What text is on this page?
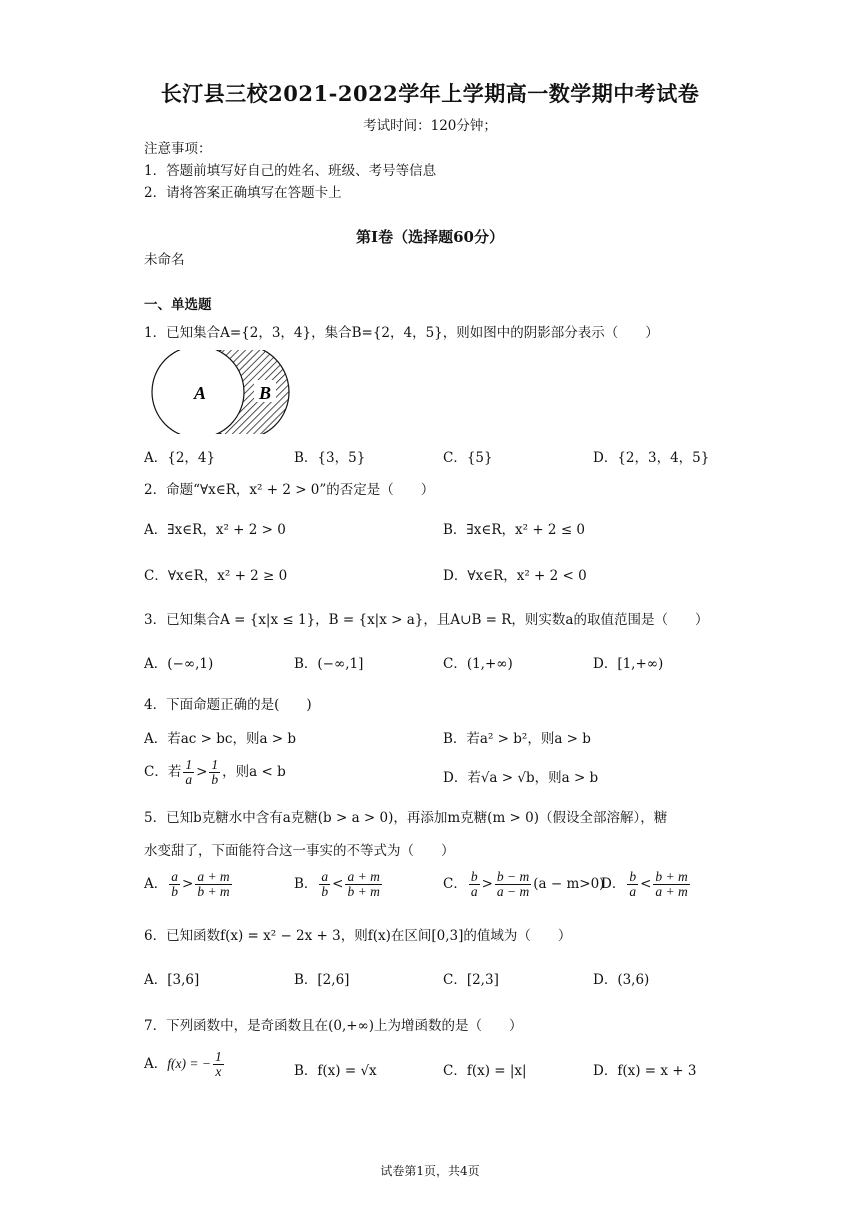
长汀县三校2021-2022学年上学期高一数学期中考试卷
考试时间：120分钟；
注意事项：
1．答题前填写好自己的姓名、班级、考号等信息
2．请将答案正确填写在答题卡上
第I卷（选择题60分）
未命名
一、单选题
1．已知集合A={2，3，4}，集合B={2，4，5}，则如图中的阴影部分表示（　　）
A	B
A．{2，4}	B．{3，5}	C．{5}	D．{2，3，4，5}
2．命题“∀x∈R，x² + 2 > 0”的否定是（　　）
A．∃x∈R，x² + 2 > 0	B．∃x∈R，x² + 2 ≤ 0
C．∀x∈R，x² + 2 ≥ 0	D．∀x∈R，x² + 2 < 0
3．已知集合A = {x|x ≤ 1}，B = {x|x > a}，且A∪B = R，则实数a的取值范围是（　　）
A．(−∞,1)	B．(−∞,1]	C．(1,+∞)	D．[1,+∞)
4．下面命题正确的是(　　)
A．若ac > bc，则a > b	B．若a² > b²，则a > b
C．若 $\frac{1}{a} > \frac{1}{b}$ ，则a < b	D．若√a > √b，则a > b
5．已知b克糖水中含有a克糖(b > a > 0)，再添加m克糖(m > 0)（假设全部溶解），糖
水变甜了，下面能符合这一事实的不等式为（　　）
A． $\frac{a}{b} > \frac{a + m}{b + m}$	B． $\frac{a}{b} < \frac{a + m}{b + m}$	C． $\frac{b}{a} > \frac{b - m}{a - m} (a - m>0)$
D． $\frac{b}{a} < \frac{b + m}{a + m}$
6．已知函数f(x) = x² − 2x + 3，则f(x)在区间[0,3]的值域为（　　）
A．[3,6]	B．[2,6]	C．[2,3]	D．(3,6)
7．下列函数中，是奇函数且在(0,+∞)上为增函数的是（　　）
A．f(x) = − $\frac{1}{x}$	B．f(x) = √x	C．f(x) = |x|	D．f(x) = x + 3
试卷第1页，共4页
